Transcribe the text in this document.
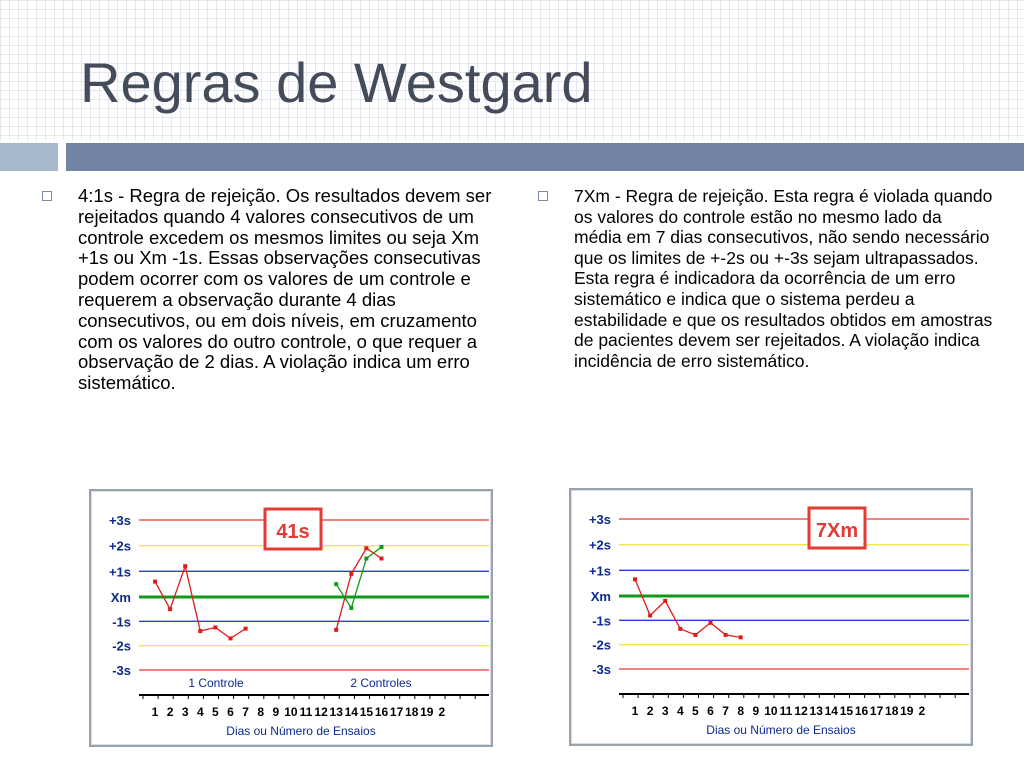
Regras de Westgard

4:1s - Regra de rejeição. Os resultados devem ser rejeitados quando 4 valores consecutivos de um controle excedem os mesmos limites ou seja Xm +1s ou Xm -1s. Essas observações consecutivas podem ocorrer com os valores de um controle e requerem a observação durante 4 dias consecutivos, ou em dois níveis, em cruzamento com os valores do outro controle, o que requer a observação de 2 dias. A violação indica um erro sistemático.

7Xm - Regra de rejeição. Esta regra é violada quando os valores do controle estão no mesmo lado da média em 7 dias consecutivos, não sendo necessário que os limites de +-2s ou +-3s sejam ultrapassados. Esta regra é indicadora da ocorrência de um erro sistemático e indica que o sistema perdeu a estabilidade e que os resultados obtidos em amostras de pacientes devem ser rejeitados. A violação indica incidência de erro sistemático.

+3s
+2s
+1s
Xm
-1s
-2s
-3s
1 2 3 4 5 6 7 8 9 10 11 12 13 14 15 16 17 18 19 2
Dias ou Número de Ensaios
1 Controle	2 Controles
41s
+3s
+2s
+1s
Xm
-1s
-2s
-3s
1 2 3 4 5 6 7 8 9 10 11 12 13 14 15 16 17 18 19 2
Dias ou Número de Ensaios
7Xm
